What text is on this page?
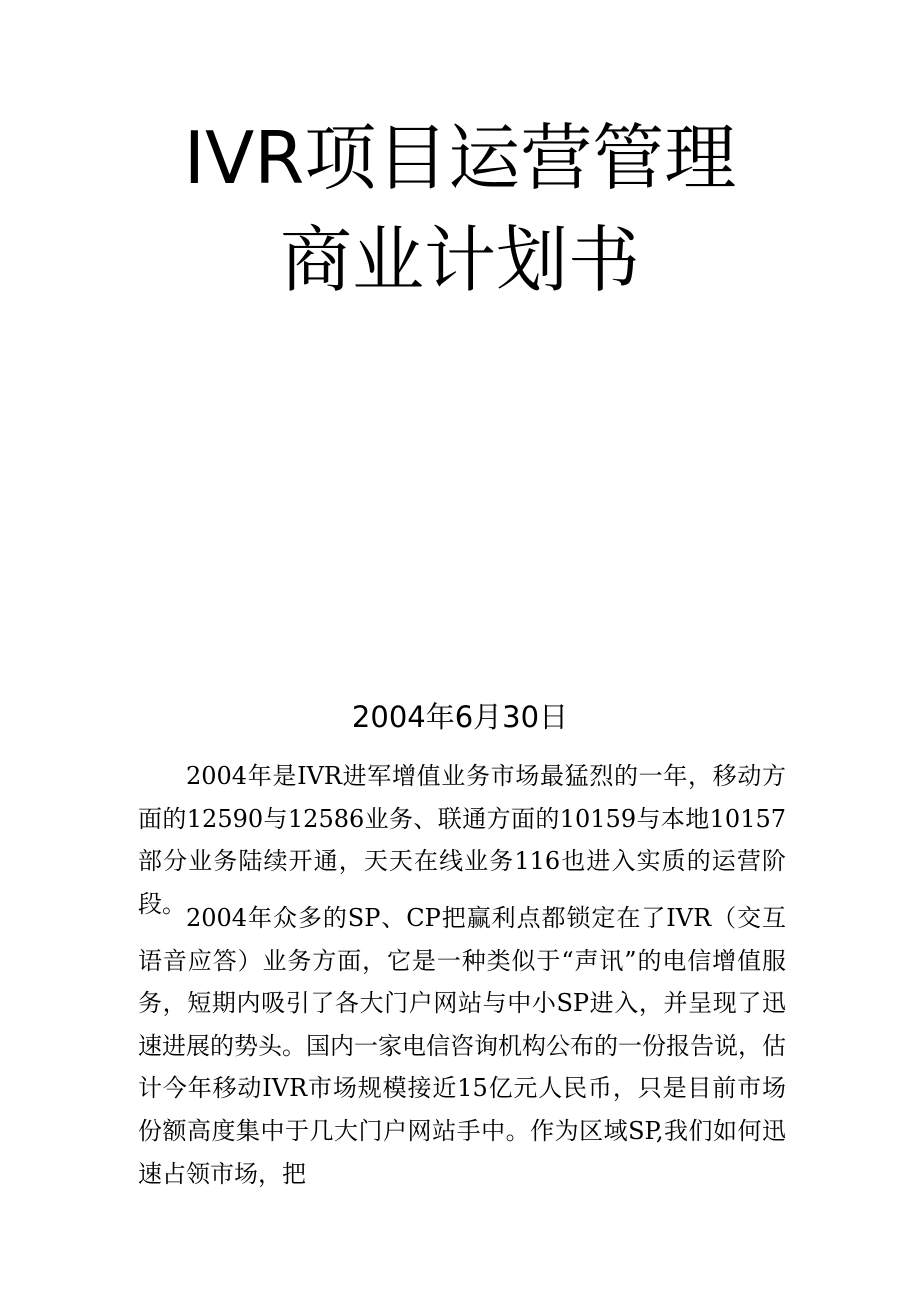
IVR项目运营管理
商业计划书
2004年6月30日

2004年是IVR进军增值业务市场最猛烈的一年，移动方面的12590与12586业务、联通方面的10159与本地10157部分业务陆续开通，天天在线业务116也进入实质的运营阶段。

2004年众多的SP、CP把赢利点都锁定在了IVR（交互语音应答）业务方面，它是一种类似于“声讯”的电信增值服务，短期内吸引了各大门户网站与中小SP进入，并呈现了迅速进展的势头。国内一家电信咨询机构公布的一份报告说，估计今年移动IVR市场规模接近15亿元人民币，只是目前市场份额高度集中于几大门户网站手中。作为区域SP,我们如何迅速占领市场，把
